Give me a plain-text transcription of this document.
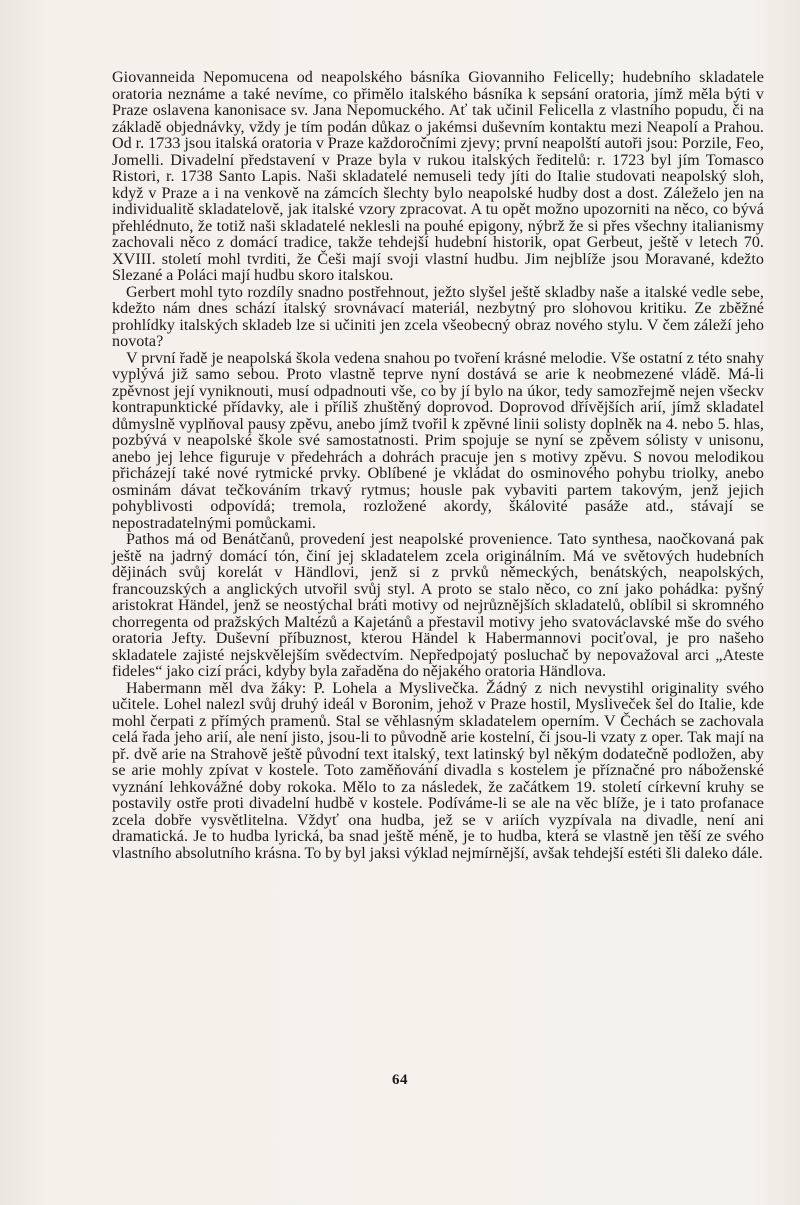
Giovanneida Nepomucena od neapolského básníka Giovanniho Felicelly; hudebního skladatele oratoria neznáme a také nevíme, co přimělo italského básníka k sepsání oratoria, jímž měla býti v Praze oslavena kanonisace sv. Jana Nepomuckého. Ať tak učinil Felicella z vlastního popudu, či na základě objednávky, vždy je tím podán důkaz o jakémsi duševním kontaktu mezi Neapolí a Prahou. Od r. 1733 jsou italská oratoria v Praze každoročními zjevy; první neapolští autoři jsou: Porzile, Feo, Jomelli. Divadelní představení v Praze byla v rukou italských ředitelů: r. 1723 byl jím Tomasco Ristori, r. 1738 Santo Lapis. Naši skladatelé nemuseli tedy jíti do Italie studovati neapolský sloh, když v Praze a i na venkově na zámcích šlechty bylo neapolské hudby dost a dost. Záleželo jen na individualitě skladatelově, jak italské vzory zpracovat. A tu opět možno upozorniti na něco, co bývá přehlédnuto, že totiž naši skladatelé neklesli na pouhé epigony, nýbrž že si přes všechny italianismy zachovali něco z domácí tradice, takže tehdejší hudební historik, opat Gerbeut, ještě v letech 70. XVIII. století mohl tvrditi, že Češi mají svoji vlastní hudbu. Jim nejblíže jsou Moravané, kdežto Slezané a Poláci mají hudbu skoro italskou.

Gerbert mohl tyto rozdíly snadno postřehnout, ježto slyšel ještě skladby naše a italské vedle sebe, kdežto nám dnes schází italský srovnávací materiál, nezbytný pro slohovou kritiku. Ze zběžné prohlídky italských skladeb lze si učiniti jen zcela všeobecný obraz nového stylu. V čem záleží jeho novota?

V první řadě je neapolská škola vedena snahou po tvoření krásné melodie. Vše ostatní z této snahy vyplývá již samo sebou. Proto vlastně teprve nyní dostává se arie k neobmezené vládě. Má-li zpěvnost její vyniknouti, musí odpadnouti vše, co by jí bylo na úkor, tedy samozřejmě nejen všeckv kontrapunktické přídavky, ale i příliš zhuštěný doprovod. Doprovod dřívějších arií, jímž skladatel důmyslně vyplňoval pausy zpěvu, anebo jímž tvořil k zpěvné linii solisty doplněk na 4. nebo 5. hlas, pozbývá v neapolské škole své samostatnosti. Prim spojuje se nyní se zpěvem sólisty v unisonu, anebo jej lehce figuruje v předehrách a dohrách pracuje jen s motivy zpěvu. S novou melodikou přicházejí také nové rytmické prvky. Oblíbené je vkládat do osminového pohybu triolky, anebo osminám dávat tečkováním trkavý rytmus; housle pak vybaviti partem takovým, jenž jejich pohyblivosti odpovídá; tremola, rozložené akordy, škálovité pasáže atd., stávají se nepostradatelnými pomůckami.

Pathos má od Benátčanů, provedení jest neapolské provenience. Tato synthesa, naočkovaná pak ještě na jadrný domácí tón, činí jej skladatelem zcela originálním. Má ve světových hudebních dějinách svůj korelát v Händlovi, jenž si z prvků německých, benátských, neapolských, francouzských a anglických utvořil svůj styl. A proto se stalo něco, co zní jako pohádka: pyšný aristokrat Händel, jenž se neostýchal bráti motivy od nejrůznějších skladatelů, oblíbil si skromného chorregenta od pražských Maltézů a Kajetánů a přestavil motivy jeho svatováclavské mše do svého oratoria Jefty. Duševní příbuznost, kterou Händel k Habermannovi pociťoval, je pro našeho skladatele zajisté nejskvělejším svědectvím. Nepředpojatý posluchač by nepovažoval arci „Ateste fideles“ jako cizí práci, kdyby byla zařaděna do nějakého oratoria Händlova.

Habermann měl dva žáky: P. Lohela a Myslivečka. Žádný z nich nevystihl originality svého učitele. Lohel nalezl svůj druhý ideál v Boronim, jehož v Praze hostil, Mysliveček šel do Italie, kde mohl čerpati z přímých pramenů. Stal se věhlasným skladatelem operním. V Čechách se zachovala celá řada jeho arií, ale není jisto, jsou-li to původně arie kostelní, či jsou-li vzaty z oper. Tak mají na př. dvě arie na Strahově ještě původní text italský, text latinský byl někým dodatečně podložen, aby se arie mohly zpívat v kostele. Toto zaměňování divadla s kostelem je příznačné pro náboženské vyznání lehkovážné doby rokoka. Mělo to za následek, že začátkem 19. století církevní kruhy se postavily ostře proti divadelní hudbě v kostele. Podíváme-li se ale na věc blíže, je i tato profanace zcela dobře vysvětlitelna. Vždyť ona hudba, jež se v ariích vyzpívala na divadle, není ani dramatická. Je to hudba lyrická, ba snad ještě méně, je to hudba, která se vlastně jen těší ze svého vlastního absolutního krásna. To by byl jaksi výklad nejmírnější, avšak tehdejší estéti šli daleko dále.

64
